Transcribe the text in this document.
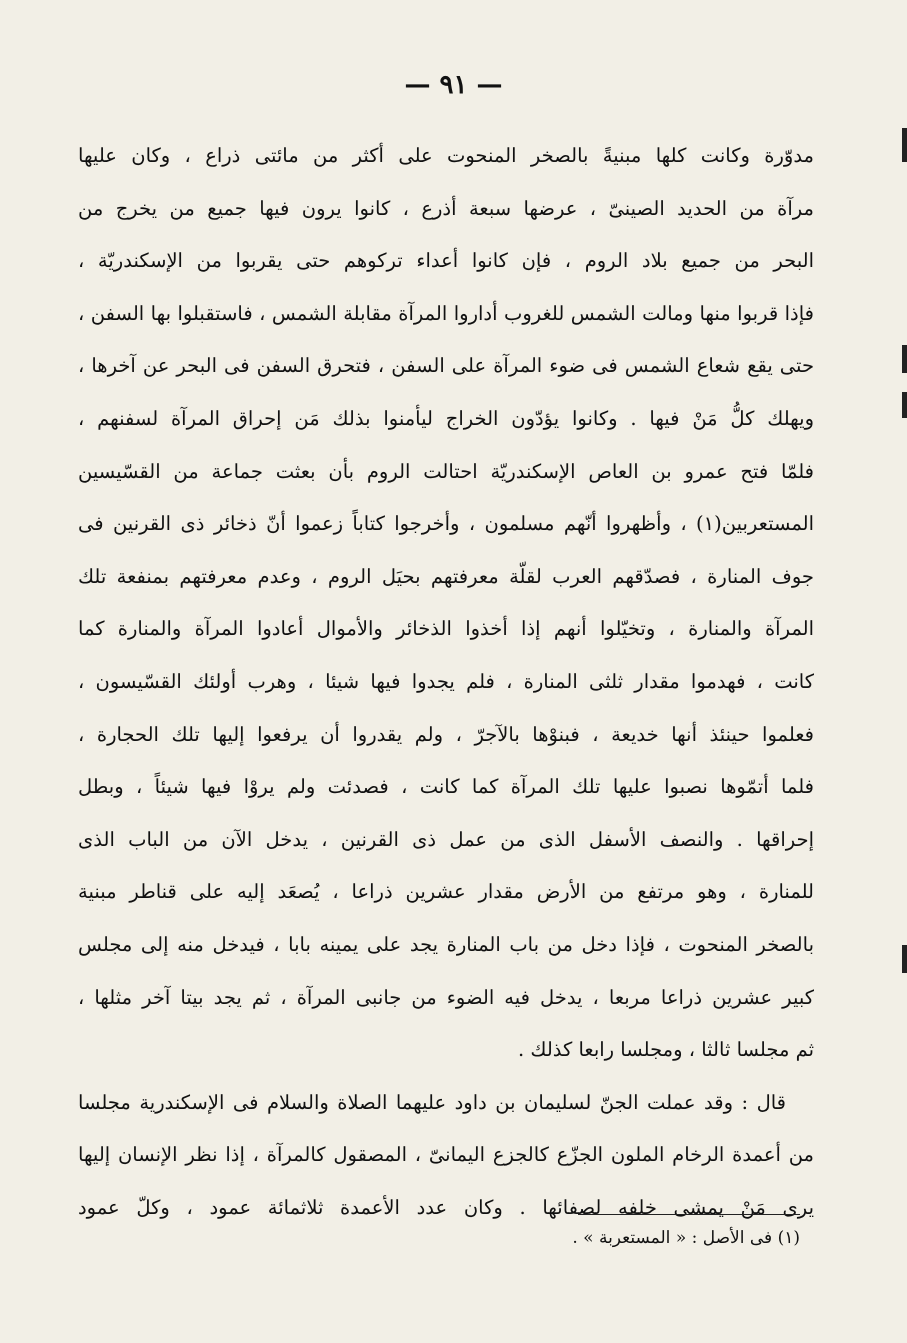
— ٩١ —
مدوّرة وكانت كلها مبنيةً بالصخر المنحوت على أكثر من مائتى ذراع ، وكان عليها
مرآة من الحديد الصينىّ ، عرضها سبعة أذرع ، كانوا يرون فيها جميع من يخرج من
البحر من جميع بلاد الروم ، فإن كانوا أعداء تركوهم حتى يقربوا من الإسكندريّة ،
فإذا قربوا منها ومالت الشمس للغروب أداروا المرآة مقابلة الشمس ، فاستقبلوا بها السفن ،
حتى يقع شعاع الشمس فى ضوء المرآة على السفن ، فتحرق السفن فى البحر عن آخرها ،
ويهلك كلُّ مَنْ فيها . وكانوا يؤدّون الخراج ليأمنوا بذلك مَن إحراق المرآة لسفنهم ،
فلمّا فتح عمرو بن العاص الإسكندريّة احتالت الروم بأن بعثت جماعة من القسّيسين
المستعربين(١) ، وأظهروا أنّهم مسلمون ، وأخرجوا كتاباً زعموا أنّ ذخائر ذى القرنين فى
جوف المنارة ، فصدّقهم العرب لقلّة معرفتهم بحيَل الروم ، وعدم معرفتهم بمنفعة تلك
المرآة والمنارة ، وتخيّلوا أنهم إذا أخذوا الذخائر والأموال أعادوا المرآة والمنارة كما
كانت ، فهدموا مقدار ثلثى المنارة ، فلم يجدوا فيها شيئا ، وهرب أولئك القسّيسون ،
فعلموا حينئذ أنها خديعة ، فبنوْها بالآجرّ ، ولم يقدروا أن يرفعوا إليها تلك الحجارة ،
فلما أتمّوها نصبوا عليها تلك المرآة كما كانت ، فصدئت ولم يروْا فيها شيئاً ، وبطل
إحراقها . والنصف الأسفل الذى من عمل ذى القرنين ، يدخل الآن من الباب الذى
للمنارة ، وهو مرتفع من الأرض مقدار عشرين ذراعا ، يُصعَد إليه على قناطر مبنية
بالصخر المنحوت ، فإذا دخل من باب المنارة يجد على يمينه بابا ، فيدخل منه إلى مجلس
كبير عشرين ذراعا مربعا ، يدخل فيه الضوء من جانبى المرآة ، ثم يجد بيتا آخر مثلها ،
ثم مجلسا ثالثا ، ومجلسا رابعا كذلك .
قال : وقد عملت الجنّ لسليمان بن داود عليهما الصلاة والسلام فى الإسكندرية مجلسا
من أعمدة الرخام الملون الجزّع كالجزع اليمانىّ ، المصقول كالمرآة ، إذا نظر الإنسان إليها
يرى مَنْ يمشى خلفه لصفائها . وكان عدد الأعمدة ثلاثمائة عمود ، وكلّ عمود
(١) فى الأصل : « المستعربة » .
